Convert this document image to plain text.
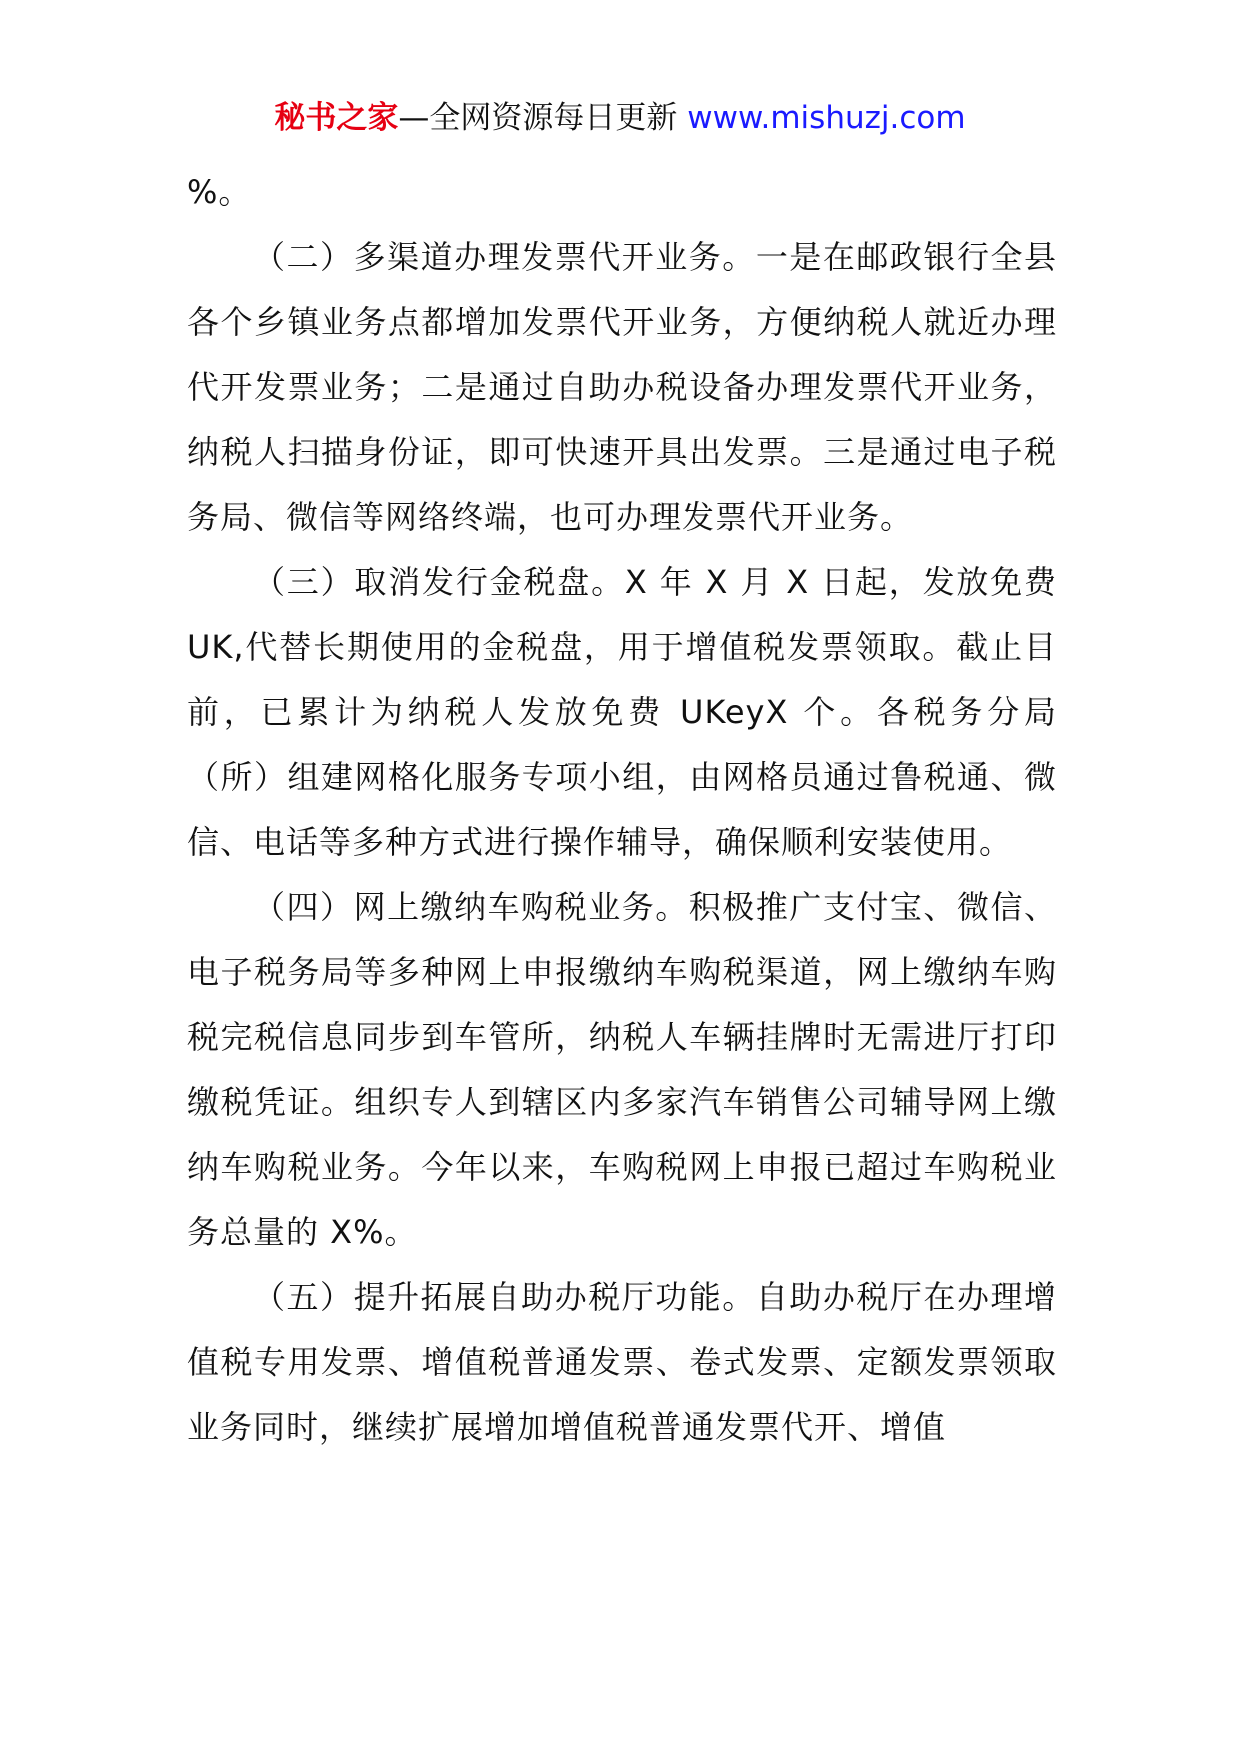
秘书之家—全网资源每日更新 www.mishuzj.com

%。

（二）多渠道办理发票代开业务。一是在邮政银行全县各个乡镇业务点都增加发票代开业务，方便纳税人就近办理代开发票业务；二是通过自助办税设备办理发票代开业务，纳税人扫描身份证，即可快速开具出发票。三是通过电子税务局、微信等网络终端，也可办理发票代开业务。

（三）取消发行金税盘。X 年 X 月 X 日起，发放免费UK,代替长期使用的金税盘，用于增值税发票领取。截止目前，已累计为纳税人发放免费 UKeyX 个。各税务分局（所）组建网格化服务专项小组，由网格员通过鲁税通、微信、电话等多种方式进行操作辅导，确保顺利安装使用。

（四）网上缴纳车购税业务。积极推广支付宝、微信、电子税务局等多种网上申报缴纳车购税渠道，网上缴纳车购税完税信息同步到车管所，纳税人车辆挂牌时无需进厅打印缴税凭证。组织专人到辖区内多家汽车销售公司辅导网上缴纳车购税业务。今年以来，车购税网上申报已超过车购税业务总量的 X%。

（五）提升拓展自助办税厅功能。自助办税厅在办理增值税专用发票、增值税普通发票、卷式发票、定额发票领取业务同时，继续扩展增加增值税普通发票代开、增值
